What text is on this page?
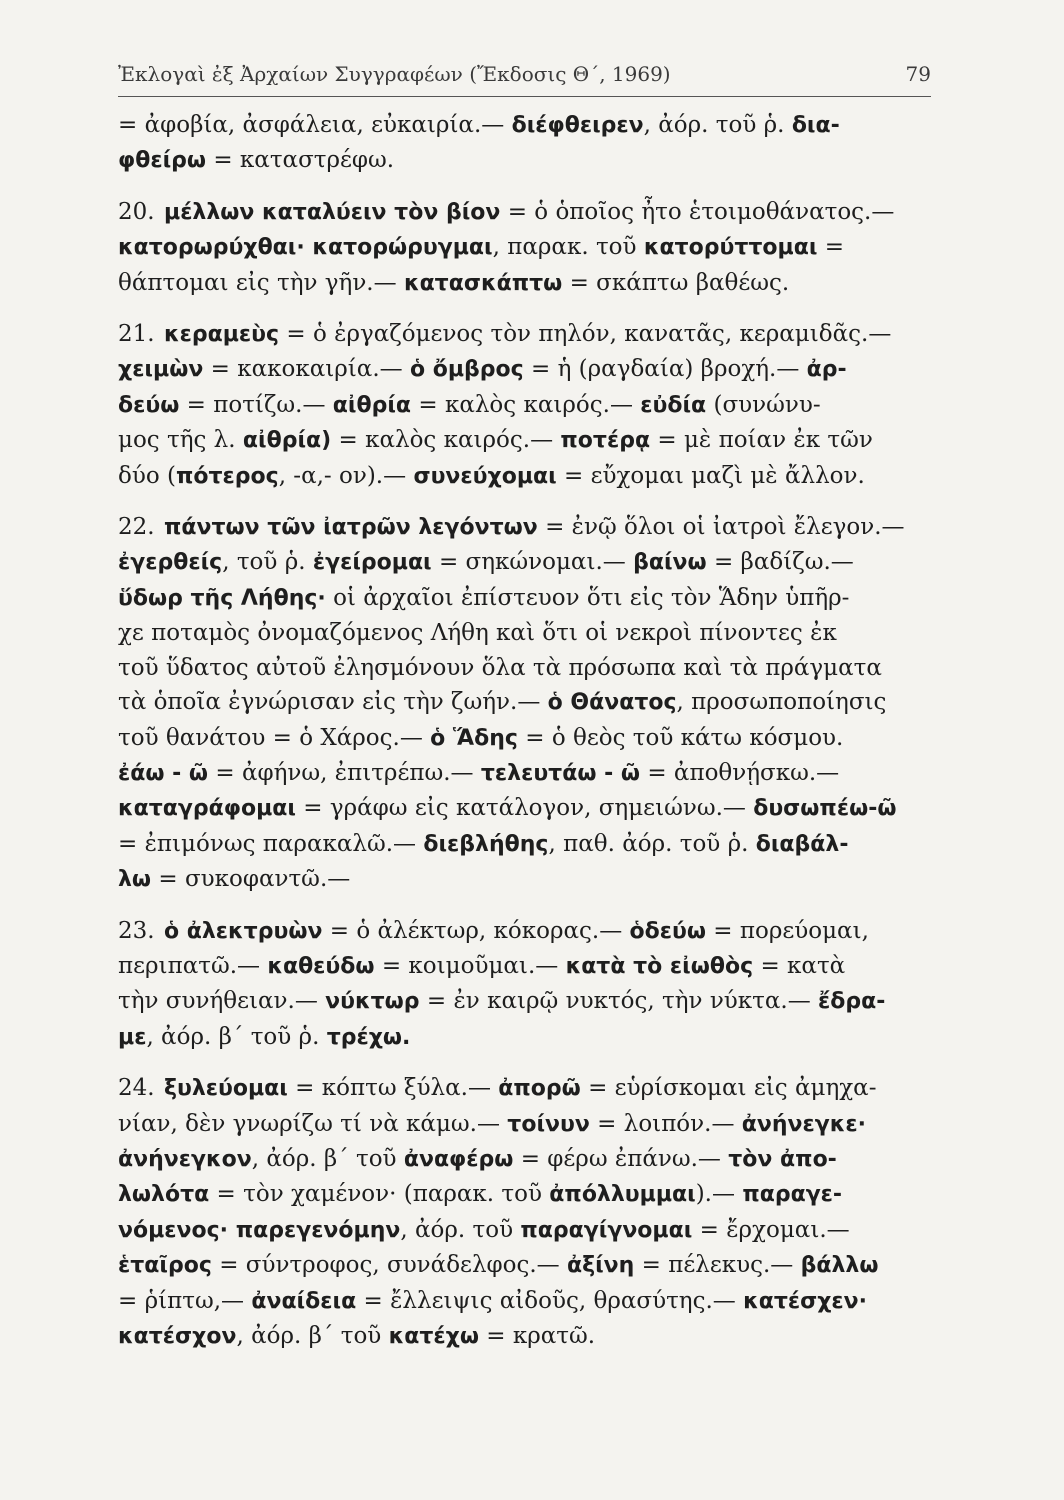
Ἐκλογαὶ ἐξ Ἀρχαίων Συγγραφέων (Ἔκδοσις Θ΄, 1969)	79
= ἀφοβία, ἀσφάλεια, εὐκαιρία.— διέφθειρεν, ἀόρ. τοῦ ῥ. δια-
φθείρω = καταστρέφω.
20. μέλλων καταλύειν τὸν βίον = ὁ ὁποῖος ἦτο ἑτοιμοθάνατος.—
κατορωρύχθαι· κατορώρυγμαι, παρακ. τοῦ κατορύττομαι =
θάπτομαι εἰς τὴν γῆν.— κατασκάπτω = σκάπτω βαθέως.
21. κεραμεὺς = ὁ ἐργαζόμενος τὸν πηλόν, κανατᾶς, κεραμιδᾶς.—
χειμὼν = κακοκαιρία.— ὁ ὄμβρος = ἡ (ραγδαία) βροχή.— ἀρ-
δεύω = ποτίζω.— αἰθρία = καλὸς καιρός.— εὐδία (συνώνυ-
μος τῆς λ. αἰθρία) = καλὸς καιρός.— ποτέρᾳ = μὲ ποίαν ἐκ τῶν
δύο (πότερος, -α,- ον).— συνεύχομαι = εὔχομαι μαζὶ μὲ ἄλλον.
22. πάντων τῶν ἰατρῶν λεγόντων = ἐνῷ ὅλοι οἱ ἰατροὶ ἔλεγον.—
ἐγερθείς, τοῦ ῥ. ἐγείρομαι = σηκώνομαι.— βαίνω = βαδίζω.—
ὕδωρ τῆς Λήθης· οἱ ἀρχαῖοι ἐπίστευον ὅτι εἰς τὸν Ἅδην ὑπῆρ-
χε ποταμὸς ὀνομαζόμενος Λήθη καὶ ὅτι οἱ νεκροὶ πίνοντες ἐκ
τοῦ ὕδατος αὐτοῦ ἐλησμόνουν ὅλα τὰ πρόσωπα καὶ τὰ πράγματα
τὰ ὁποῖα ἐγνώρισαν εἰς τὴν ζωήν.— ὁ Θάνατος, προσωποποίησις
τοῦ θανάτου = ὁ Χάρος.— ὁ Ἅδης = ὁ θεὸς τοῦ κάτω κόσμου.
ἐάω - ῶ = ἀφήνω, ἐπιτρέπω.— τελευτάω - ῶ = ἀποθνῄσκω.—
καταγράφομαι = γράφω εἰς κατάλογον, σημειώνω.— δυσωπέω-ῶ
= ἐπιμόνως παρακαλῶ.— διεβλήθης, παθ. ἀόρ. τοῦ ῥ. διαβάλ-
λω = συκοφαντῶ.—
23. ὁ ἀλεκτρυὼν = ὁ ἀλέκτωρ, κόκορας.— ὁδεύω = πορεύομαι,
περιπατῶ.— καθεύδω = κοιμοῦμαι.— κατὰ τὸ εἰωθὸς = κατὰ
τὴν συνήθειαν.— νύκτωρ = ἐν καιρῷ νυκτός, τὴν νύκτα.— ἔδρα-
με, ἀόρ. β΄ τοῦ ῥ. τρέχω.
24. ξυλεύομαι = κόπτω ξύλα.— ἀπορῶ = εὑρίσκομαι εἰς ἀμηχα-
νίαν, δὲν γνωρίζω τί νὰ κάμω.— τοίνυν = λοιπόν.— ἀνήνεγκε·
ἀνήνεγκον, ἀόρ. β΄ τοῦ ἀναφέρω = φέρω ἐπάνω.— τὸν ἀπο-
λωλότα = τὸν χαμένον· (παρακ. τοῦ ἀπόλλυμμαι).— παραγε-
νόμενος· παρεγενόμην, ἀόρ. τοῦ παραγίγνομαι = ἔρχομαι.—
ἑταῖρος = σύντροφος, συνάδελφος.— ἀξίνη = πέλεκυς.— βάλλω
= ῥίπτω,— ἀναίδεια = ἔλλειψις αἰδοῦς, θρασύτης.— κατέσχεν·
κατέσχον, ἀόρ. β΄ τοῦ κατέχω = κρατῶ.
